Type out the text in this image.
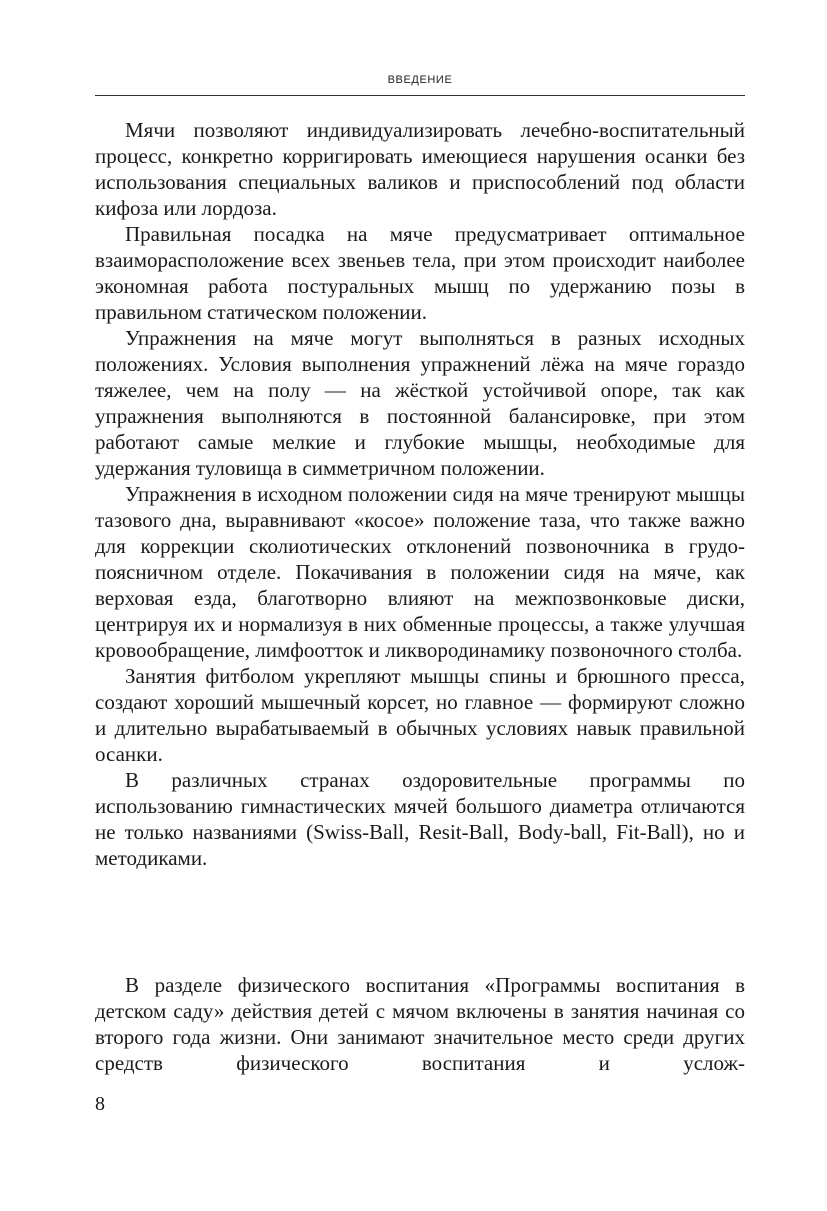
ВВЕДЕНИЕ

Мячи позволяют индивидуализировать лечебно-воспитательный процесс, конкретно корригировать имеющиеся нарушения осанки без использования специальных валиков и приспособлений под области кифоза или лордоза.

Правильная посадка на мяче предусматривает оптимальное взаиморасположение всех звеньев тела, при этом происходит наиболее экономная работа постуральных мышц по удержанию позы в правильном статическом положении.

Упражнения на мяче могут выполняться в разных исходных положениях. Условия выполнения упражнений лёжа на мяче гораздо тяжелее, чем на полу — на жёсткой устойчивой опоре, так как упражнения выполняются в постоянной балансировке, при этом работают самые мелкие и глубокие мышцы, необходимые для удержания туловища в симметричном положении.

Упражнения в исходном положении сидя на мяче тренируют мышцы тазового дна, выравнивают «косое» положение таза, что также важно для коррекции сколиотических отклонений позвоночника в грудо-поясничном отделе. Покачивания в положении сидя на мяче, как верховая езда, благотворно влияют на межпозвонковые диски, центрируя их и нормализуя в них обменные процессы, а также улучшая кровообращение, лимфоотток и ликвородинамику позвоночного столба.

Занятия фитболом укрепляют мышцы спины и брюшного пресса, создают хороший мышечный корсет, но главное — формируют сложно и длительно вырабатываемый в обычных условиях навык правильной осанки.

В различных странах оздоровительные программы по использованию гимнастических мячей большого диаметра отличаются не только названиями (Swiss-Ball, Resit-Ball, Body-ball, Fit-Ball), но и методиками.

В разделе физического воспитания «Программы воспитания в детском саду» действия детей с мячом включены в занятия начиная со второго года жизни. Они занимают значительное место среди других средств физического воспитания и услож-

8
